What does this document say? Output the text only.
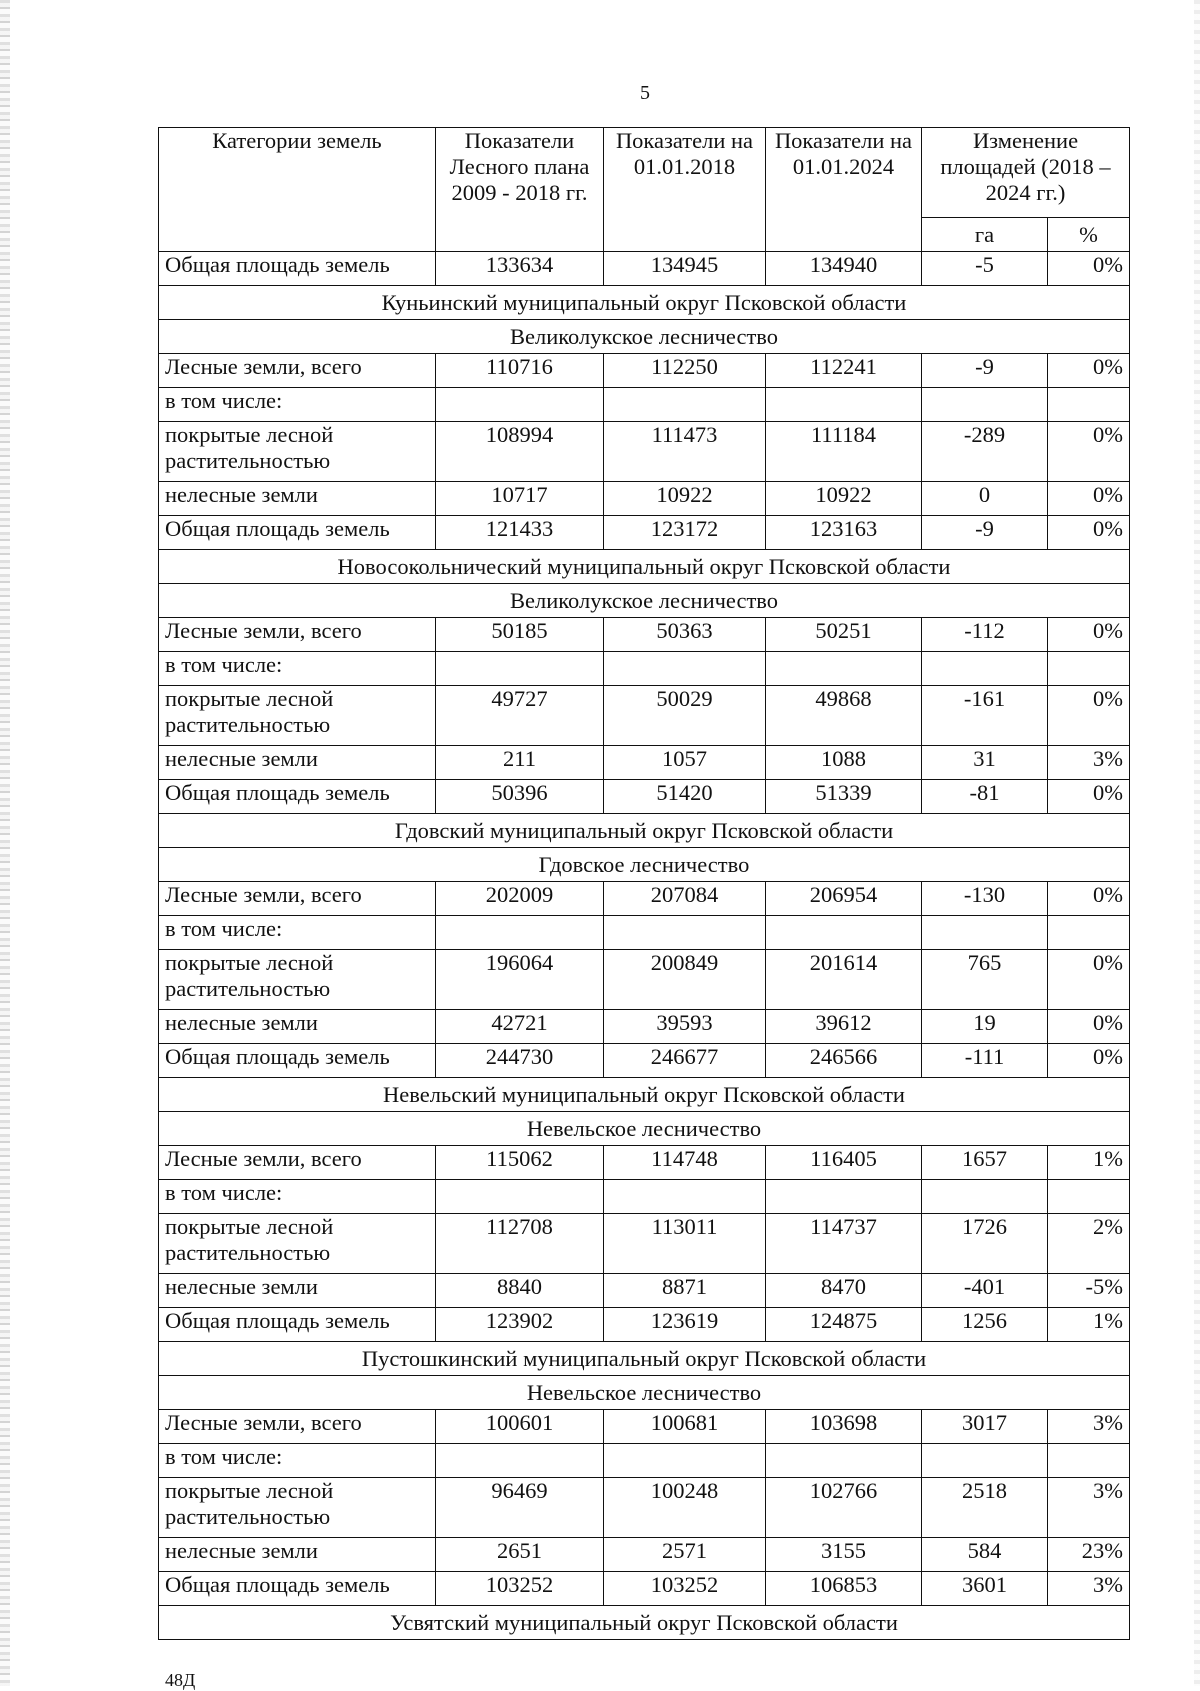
5
Категории земель	Показатели Лесного плана 2009 - 2018 гг.	Показатели на 01.01.2018	Показатели на 01.01.2024	Изменение площадей (2018 – 2024 гг.)	
				га	%
Общая площадь земель	133634	134945	134940	-5	0%
Куньинский муниципальный округ Псковской области					
Великолукское лесничество					
Лесные земли, всего	110716	112250	112241	-9	0%
в том числе:					
покрытые лесной растительностью	108994	111473	111184	-289	0%
нелесные земли	10717	10922	10922	0	0%
Общая площадь земель	121433	123172	123163	-9	0%
Новосокольнический муниципальный округ Псковской области					
Великолукское лесничество					
Лесные земли, всего	50185	50363	50251	-112	0%
в том числе:					
покрытые лесной растительностью	49727	50029	49868	-161	0%
нелесные земли	211	1057	1088	31	3%
Общая площадь земель	50396	51420	51339	-81	0%
Гдовский муниципальный округ Псковской области					
Гдовское лесничество					
Лесные земли, всего	202009	207084	206954	-130	0%
в том числе:					
покрытые лесной растительностью	196064	200849	201614	765	0%
нелесные земли	42721	39593	39612	19	0%
Общая площадь земель	244730	246677	246566	-111	0%
Невельский муниципальный округ Псковской области					
Невельское лесничество					
Лесные земли, всего	115062	114748	116405	1657	1%
в том числе:					
покрытые лесной растительностью	112708	113011	114737	1726	2%
нелесные земли	8840	8871	8470	-401	-5%
Общая площадь земель	123902	123619	124875	1256	1%
Пустошкинский муниципальный округ Псковской области					
Невельское лесничество					
Лесные земли, всего	100601	100681	103698	3017	3%
в том числе:					
покрытые лесной растительностью	96469	100248	102766	2518	3%
нелесные земли	2651	2571	3155	584	23%
Общая площадь земель	103252	103252	106853	3601	3%
Усвятский муниципальный округ Псковской области					
48Д
